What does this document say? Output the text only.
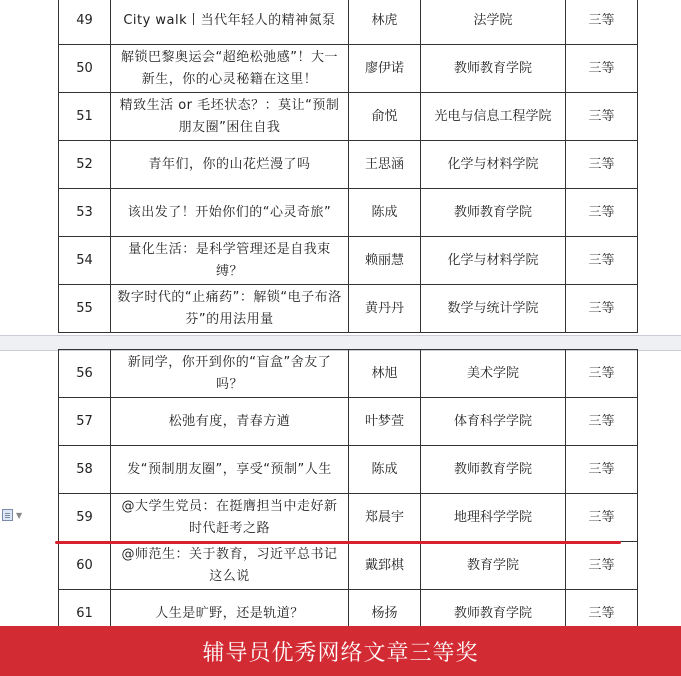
49	City walk丨当代年轻人的精神氮泵	林虎	法学院	三等
50	解锁巴黎奥运会“超绝松弛感”！大一新生，你的心灵秘籍在这里！	廖伊诺	教师教育学院	三等
51	精致生活 or 毛坯状态？：莫让“预制朋友圈”困住自我	俞悦	光电与信息工程学院	三等
52	青年们，你的山花烂漫了吗	王思涵	化学与材料学院	三等
53	该出发了！开始你们的“心灵奇旅”	陈成	教师教育学院	三等
54	量化生活：是科学管理还是自我束缚？	赖丽慧	化学与材料学院	三等
55	数字时代的“止痛药”：解锁“电子布洛芬”的用法用量	黄丹丹	数学与统计学院	三等
56	新同学，你开到你的“盲盒”舍友了吗？	林旭	美术学院	三等
57	松弛有度，青春方遒	叶梦萱	体育科学学院	三等
58	发“预制朋友圈”，享受“预制”人生	陈成	教师教育学院	三等
59	@大学生党员：在挺膺担当中走好新时代赶考之路	郑晨宇	地理科学学院	三等
60	@师范生：关于教育，习近平总书记这么说	戴郅棋	教育学院	三等
61	人生是旷野，还是轨道？	杨扬	教师教育学院	三等
▼
辅导员优秀网络文章三等奖
